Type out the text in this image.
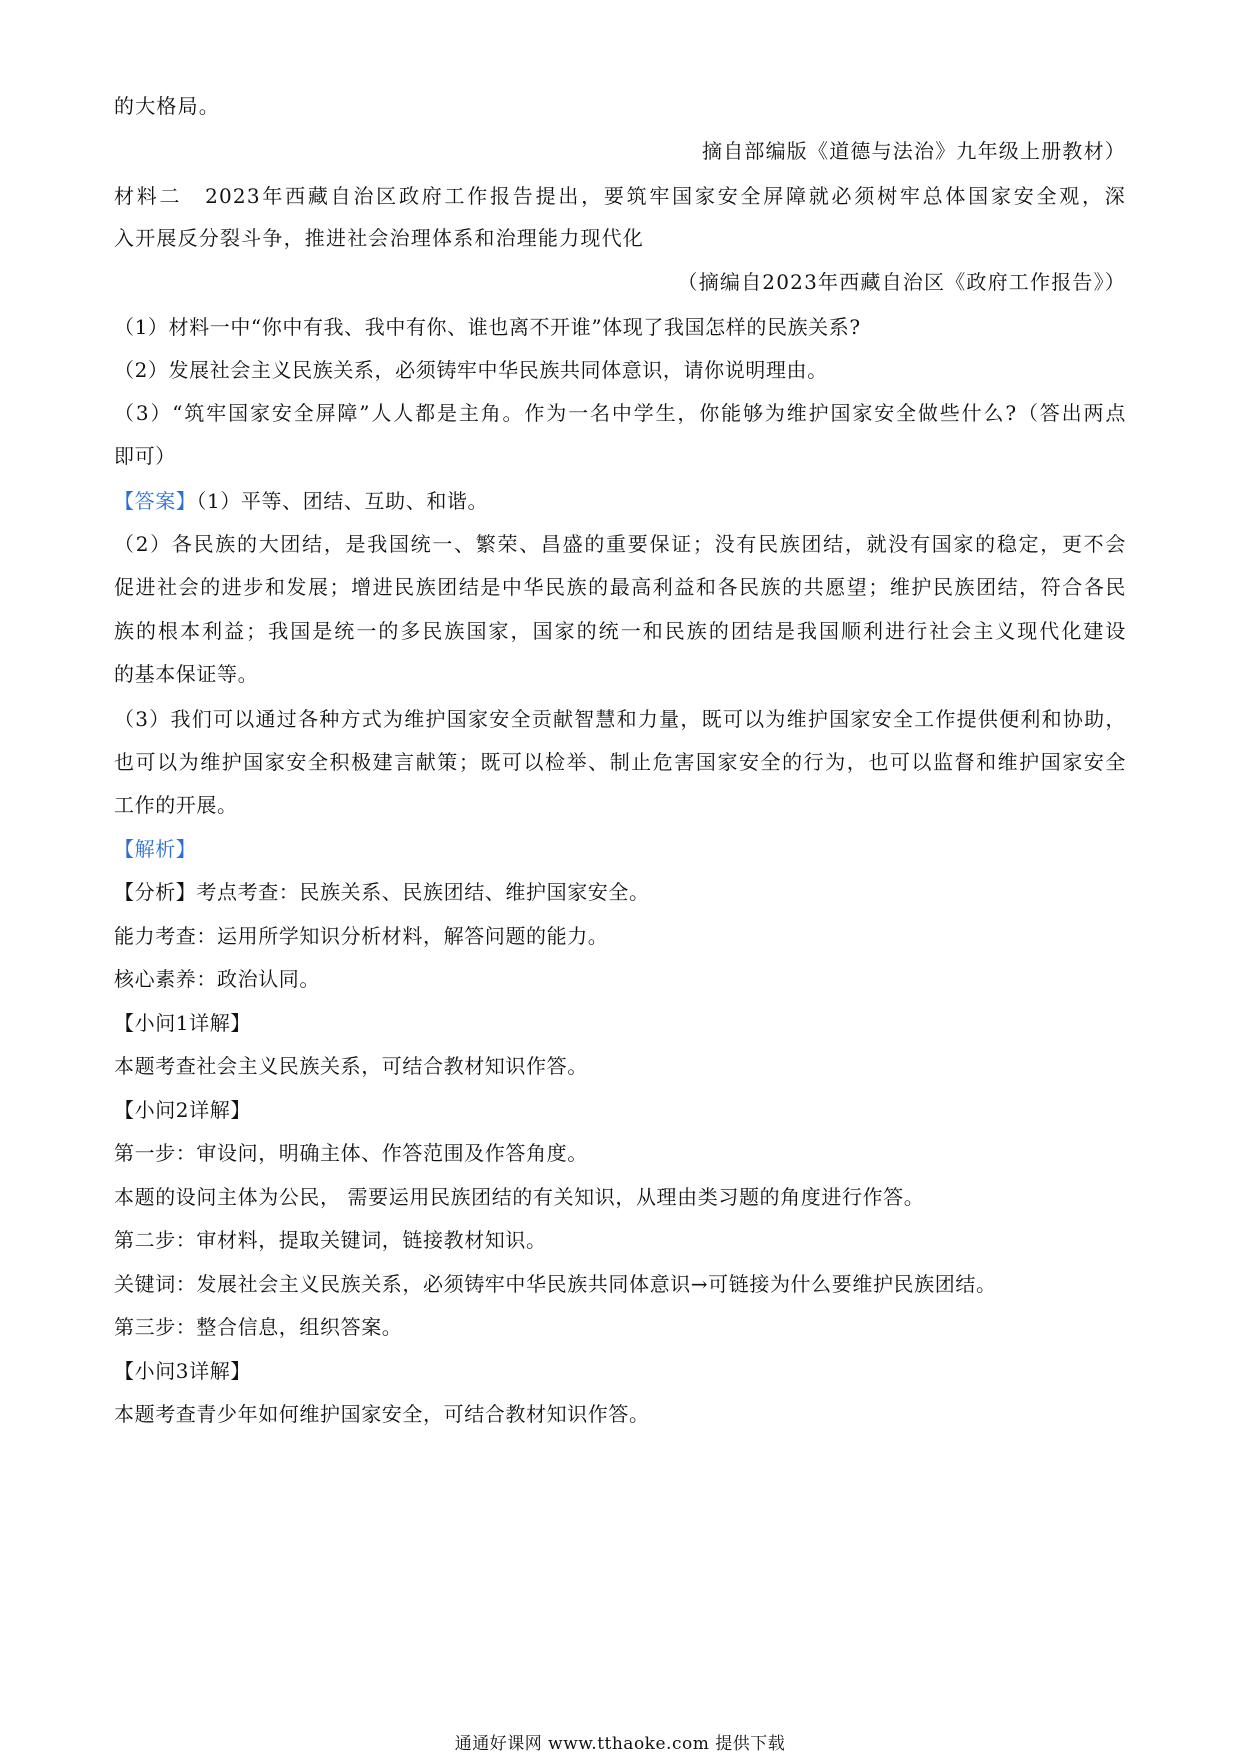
的大格局。
摘自部编版《道德与法治》九年级上册教材）
材料二　2023年西藏自治区政府工作报告提出，要筑牢国家安全屏障就必须树牢总体国家安全观，深
入开展反分裂斗争，推进社会治理体系和治理能力现代化
（摘编自2023年西藏自治区《政府工作报告》）
（1）材料一中“你中有我、我中有你、谁也离不开谁”体现了我国怎样的民族关系?
（2）发展社会主义民族关系，必须铸牢中华民族共同体意识，请你说明理由。
（3）“筑牢国家安全屏障”人人都是主角。作为一名中学生，你能够为维护国家安全做些什么?（答出两点
即可）
【答案】（1）平等、团结、互助、和谐。
（2）各民族的大团结，是我国统一、繁荣、昌盛的重要保证；没有民族团结，就没有国家的稳定，更不会
促进社会的进步和发展；增进民族团结是中华民族的最高利益和各民族的共愿望；维护民族团结，符合各民
族的根本利益；我国是统一的多民族国家，国家的统一和民族的团结是我国顺利进行社会主义现代化建设
的基本保证等。
（3）我们可以通过各种方式为维护国家安全贡献智慧和力量，既可以为维护国家安全工作提供便利和协助，
也可以为维护国家安全积极建言献策；既可以检举、制止危害国家安全的行为，也可以监督和维护国家安全
工作的开展。
【解析】
【分析】考点考查：民族关系、民族团结、维护国家安全。
能力考查：运用所学知识分析材料，解答问题的能力。
核心素养：政治认同。
【小问1详解】
本题考查社会主义民族关系，可结合教材知识作答。
【小问2详解】
第一步：审设问，明确主体、作答范围及作答角度。
本题的设问主体为公民， 需要运用民族团结的有关知识，从理由类习题的角度进行作答。
第二步：审材料，提取关键词，链接教材知识。
关键词：发展社会主义民族关系，必须铸牢中华民族共同体意识→可链接为什么要维护民族团结。
第三步：整合信息，组织答案。
【小问3详解】
本题考查青少年如何维护国家安全，可结合教材知识作答。
通通好课网 www.tthaoke.com 提供下载
